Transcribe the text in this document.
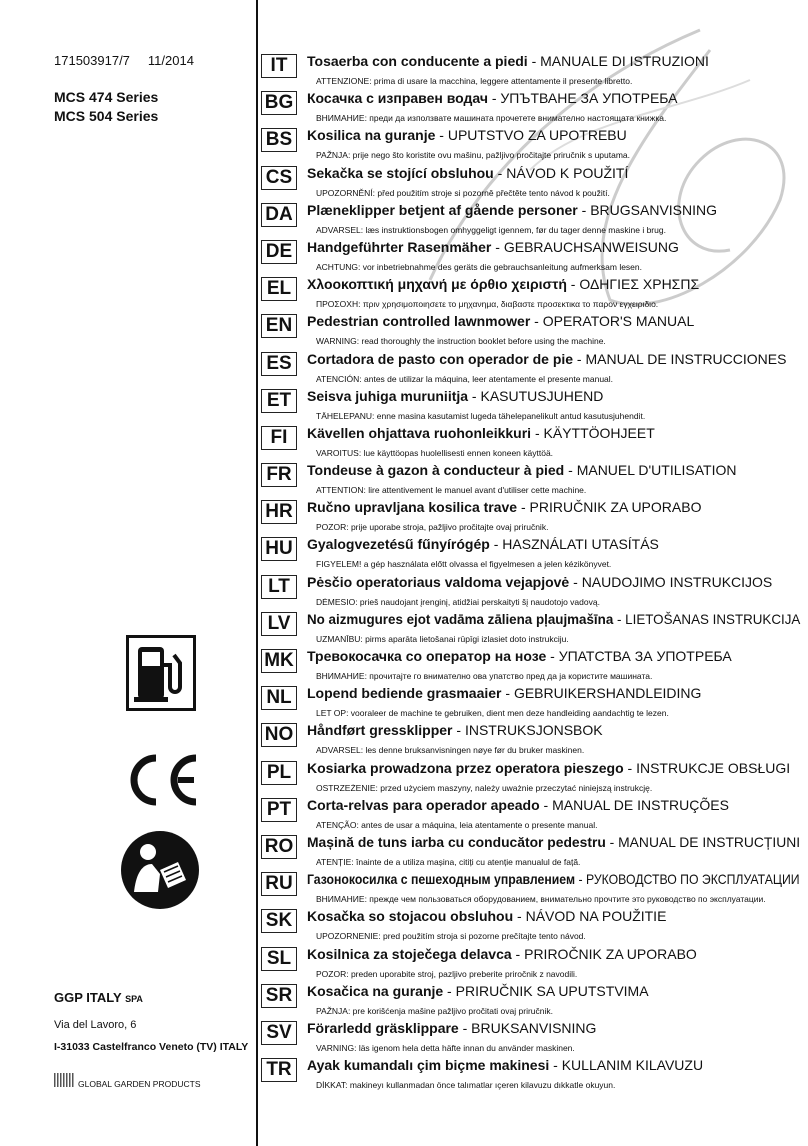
171503917/7 11/2014
MCS 474 Series
MCS 504 Series
GGP ITALY SPA
Via del Lavoro, 6
I-31033 Castelfranco Veneto (TV) ITALY
GLOBAL GARDEN PRODUCTS
IT	Tosaerba con conducente a piedi - MANUALE DI ISTRUZIONI
ATTENZIONE: prima di usare la macchina, leggere attentamente il presente libretto.
BG Косачка с изправен водач - УПЪТВАНЕ ЗА УПОТРЕБА
ВНИМАНИЕ: преди да използвате машината прочетете внимателно настоящата книжка.
BS	Kosilica na guranje - UPUTSTVO ZA UPOTREBU
PAŽNJA: prije nego što koristite ovu mašinu, pažljivo pročitajte priručnik s uputama.
CS	Sekačka se stojící obsluhou - NÁVOD K POUŽITÍ
UPOZORNĚNÍ: před použitím stroje si pozorně přečtěte tento návod k použití.
DA	Plæneklipper betjent af gående personer - BRUGSANVISNING
ADVARSEL: læs instruktionsbogen omhyggeligt igennem, før du tager denne maskine i brug.
DE	Handgeführter Rasenmäher - GEBRAUCHSANWEISUNG
ACHTUNG: vor inbetriebnahme des geräts die gebrauchsanleitung aufmerksam lesen.
EL	Χλοοκοπτική μηχανή με όρθιο χειριστή - ΟΔΗΓΙΕΣ ΧΡΗΣΠΣ
ΠΡΟΣΟΧΗ: πριν χρησιμοποιησετε το μηχανημα, διαβαστε προσεκτικα το παρον εγχειριδιο.
EN	Pedestrian controlled lawnmower - OPERATOR'S MANUAL
WARNING: read thoroughly the instruction booklet before using the machine.
ES	Cortadora de pasto con operador de pie - MANUAL DE INSTRUCCIONES
ATENCIÓN: antes de utilizar la máquina, leer atentamente el presente manual.
ET	Seisva juhiga muruniitja - KASUTUSJUHEND
TÄHELEPANU: enne masina kasutamist lugeda tähelepanelikult antud kasutusjuhendit.
FI	Kävellen ohjattava ruohonleikkuri - KÄYTTÖOHJEET
VAROITUS: lue käyttöopas huolellisesti ennen koneen käyttöä.
FR	Tondeuse à gazon à conducteur à pied - MANUEL D'UTILISATION
ATTENTION: lire attentivement le manuel avant d'utiliser cette machine.
HR	Ručno upravljana kosilica trave - PRIRUČNIK ZA UPORABO
POZOR: prije uporabe stroja, pažljivo pročitajte ovaj priručnik.
HU	Gyalogvezetésű fűnyírógép - HASZNÁLATI UTASÍTÁS
FIGYELEM! a gép használata előtt olvassa el figyelmesen a jelen kézikönyvet.
LT	Pėsčio operatoriaus valdoma vejapjovė - NAUDOJIMO INSTRUKCIJOS
DĖMESIO: prieš naudojant įrenginį, atidžiai perskaityti šį naudotojo vadovą.
LV	No aizmugures ejot vadāma zāliena pļaujmašīna - LIETOŠANAS INSTRUKCIJA
UZMANĪBU: pirms aparāta lietošanai rūpīgi izlasiet doto instrukciju.
MK Тревокосачка со оператор на нозе - УПАТСТВА ЗА УПОТРЕБА
ВНИМАНИЕ: прочитајте го внимателно ова упатство пред да ја користите машината.
NL	Lopend bediende grasmaaier - GEBRUIKERSHANDLEIDING
LET OP: vooraleer de machine te gebruiken, dient men deze handleiding aandachtig te lezen.
NO Håndført gressklipper - INSTRUKSJONSBOK
ADVARSEL: les denne bruksanvisningen nøye før du bruker maskinen.
PL	Kosiarka prowadzona przez operatora pieszego - INSTRUKCJE OBSŁUGI
OSTRZEŻENIE: przed użyciem maszyny, należy uważnie przeczytać niniejszą instrukcję.
PT	Corta-relvas para operador apeado - MANUAL DE INSTRUÇÕES
ATENÇÃO: antes de usar a máquina, leia atentamente o presente manual.
RO Mașină de tuns iarba cu conducător pedestru - MANUAL DE INSTRUCȚIUNI
ATENȚIE: înainte de a utiliza mașina, citiți cu atenție manualul de față.
RU	Газонокосилка с пешеходным управлением - РУКОВОДСТВО ПО ЭКСПЛУАТАЦИИ
ВНИМАНИЕ: прежде чем пользоваться оборудованием, внимательно прочтите это руководство по эксплуатации.
SK	Kosačka so stojacou obsluhou - NÁVOD NA POUŽITIE
UPOZORNENIE: pred použitím stroja si pozorne prečítajte tento návod.
SL	Kosilnica za stoječega delavca - PRIROČNIK ZA UPORABO
POZOR: preden uporabite stroj, pazljivo preberite priročnik z navodili.
SR	Kosačica na guranje - PRIRUČNIK SA UPUTSTVIMA
PAŽNJA: pre korišćenja mašine pažljivo pročitati ovaj priručnik.
SV	Förarledd gräsklippare - BRUKSANVISNING
VARNING: läs igenom hela detta häfte innan du använder maskinen.
TR	Ayak kumandalı çim biçme makinesi - KULLANIM KILAVUZU
DİKKAT: makineyı kullanmadan önce talımatlar ıçeren kilavuzu dıkkatle okuyun.
